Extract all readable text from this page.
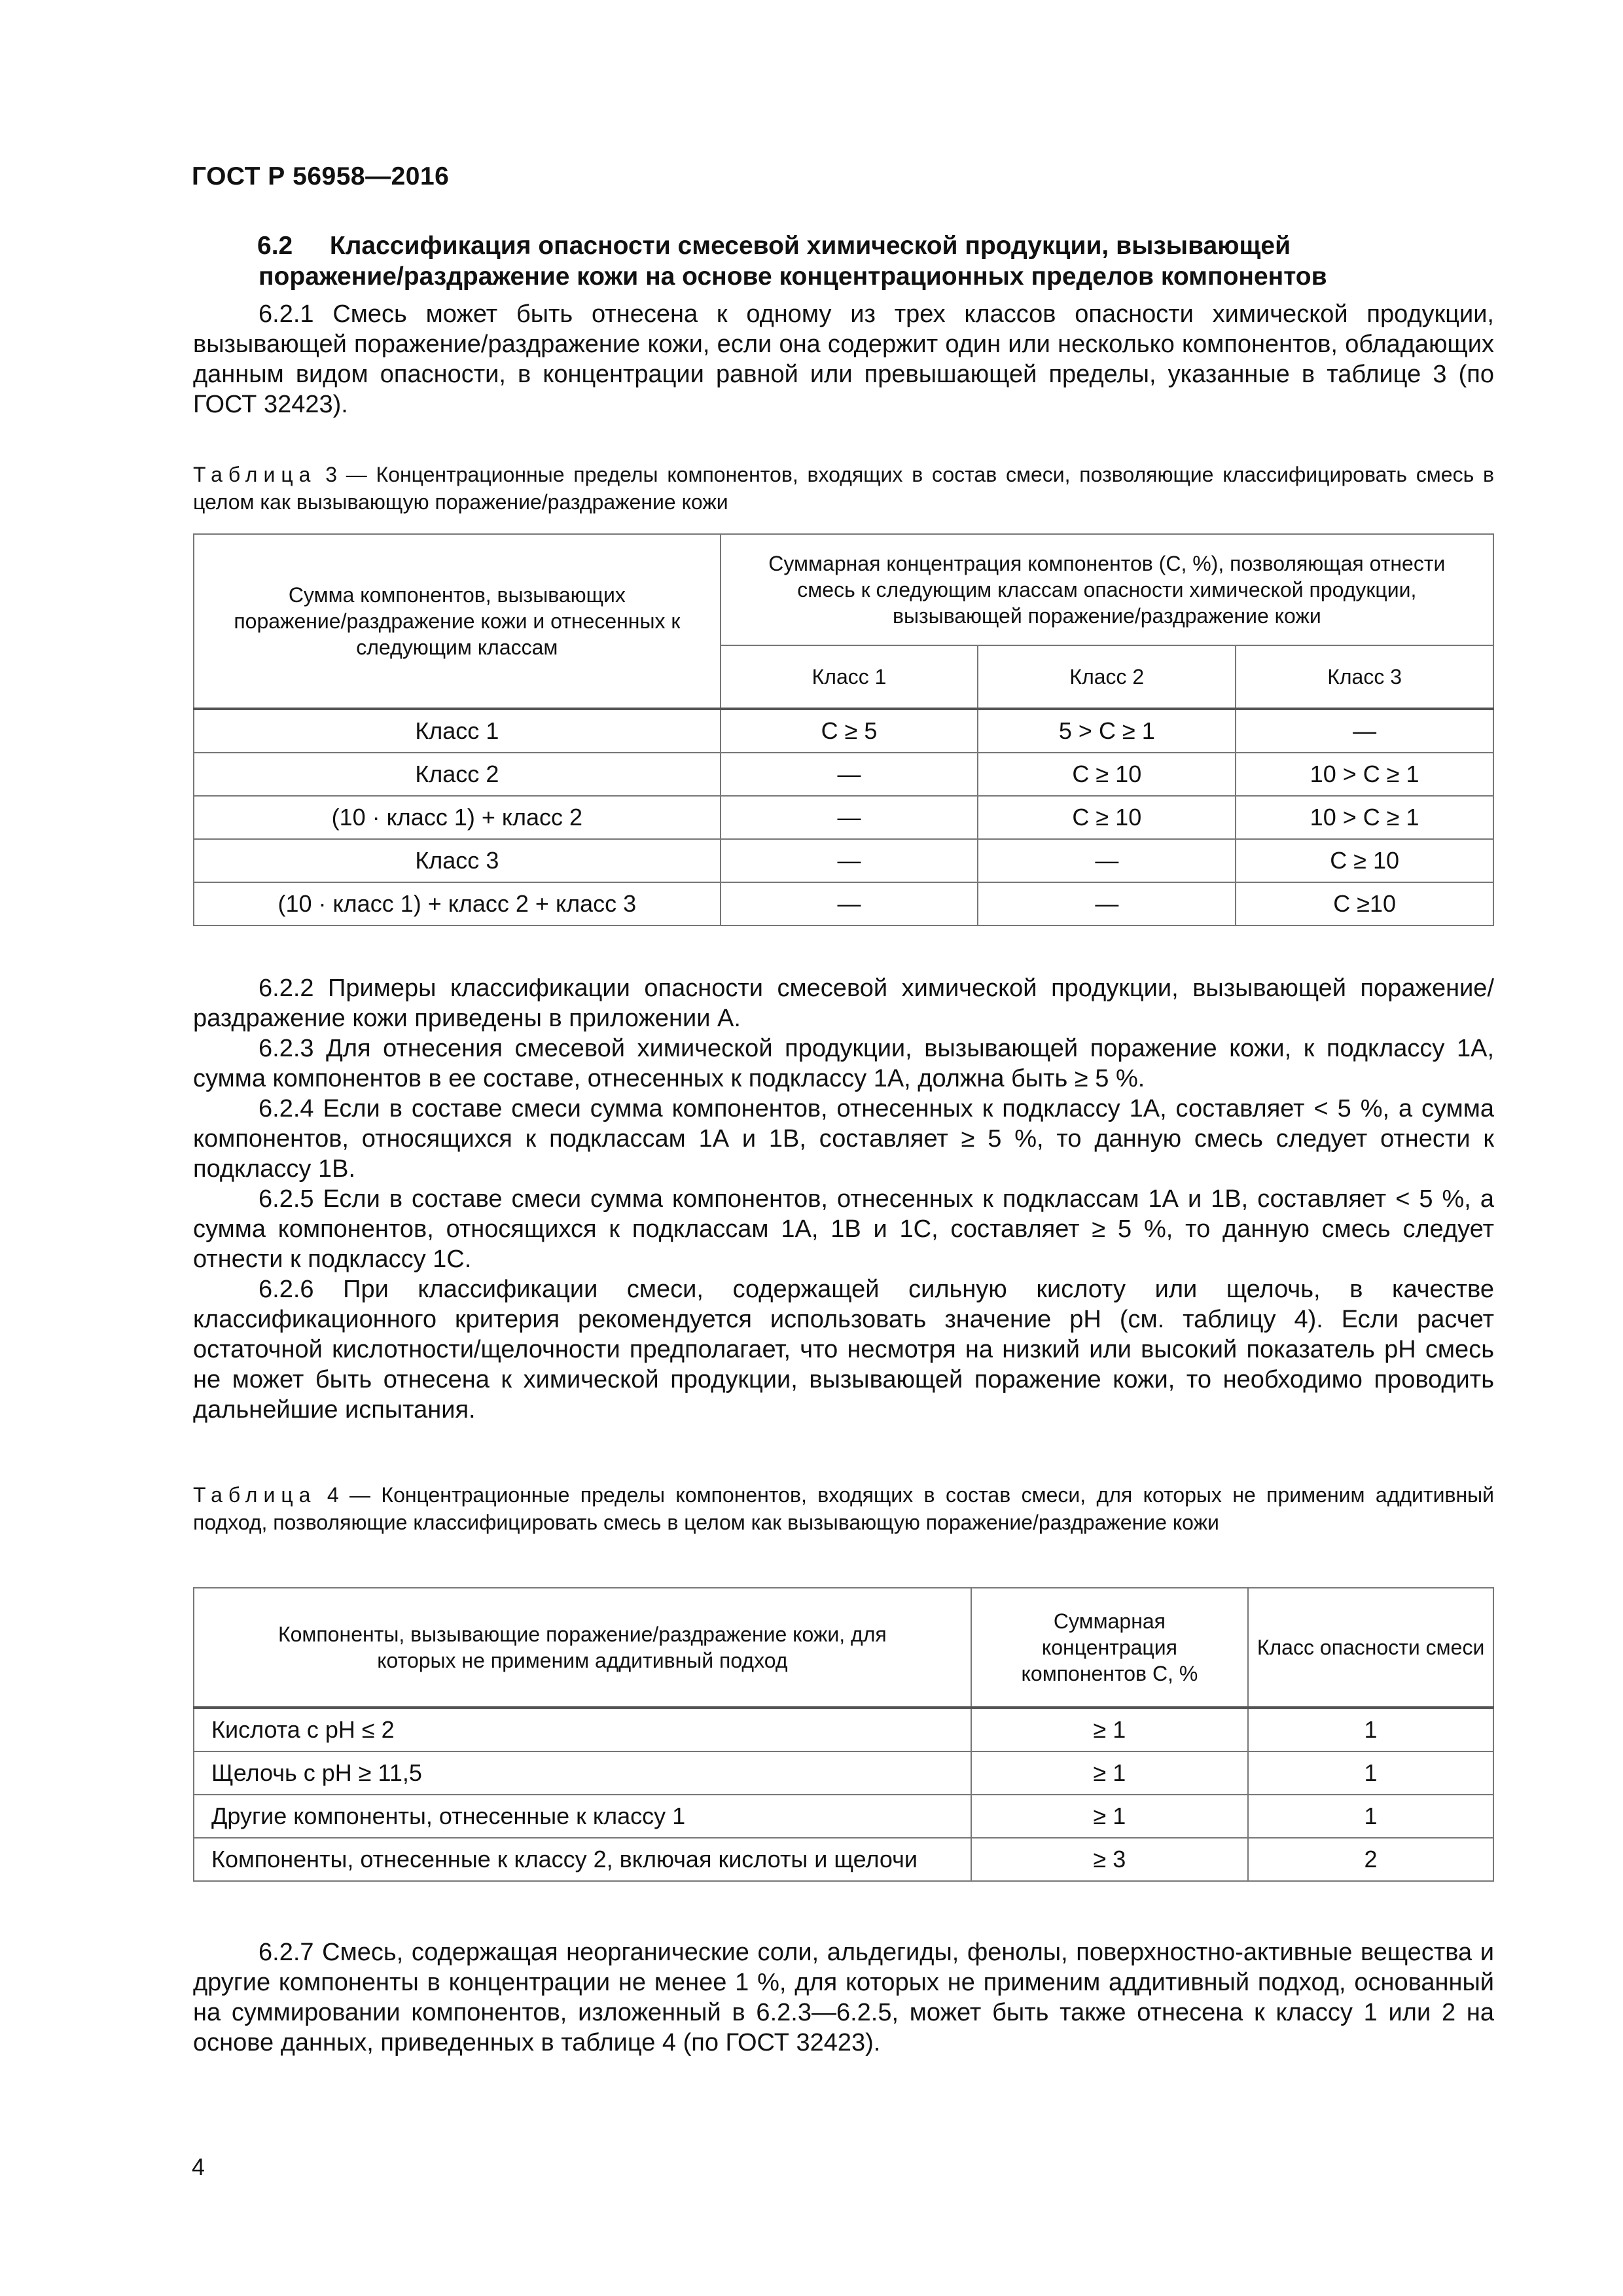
ГОСТ Р 56958—2016
6.2 Классификация опасности смесевой химической продукции, вызывающей
поражение/раздражение кожи на основе концентрационных пределов компонентов

6.2.1 Смесь может быть отнесена к одному из трех классов опасности химической продукции, вызывающей поражение/раздражение кожи, если она содержит один или несколько компонентов, обладающих данным видом опасности, в концентрации равной или превышающей пределы, указанные в таблице 3 (по ГОСТ 32423).

Таблица 3 — Концентрационные пределы компонентов, входящих в состав смеси, позволяющие классифицировать смесь в целом как вызывающую поражение/раздражение кожи
Сумма компонентов, вызывающих поражение/раздражение кожи и отнесенных к следующим классам	Суммарная концентрация компонентов (С, %), позволяющая отнести смесь к следующим классам опасности химической продукции, вызывающей поражение/раздражение кожи		
	Класс 1	Класс 2	Класс 3
Класс 1	C ≥ 5	5 > C ≥ 1	—
Класс 2	—	C ≥ 10	10 > C ≥ 1
(10 · класс 1) + класс 2	—	C ≥ 10	10 > C ≥ 1
Класс 3	—	—	C ≥ 10
(10 · класс 1) + класс 2 + класс 3	—	—	C ≥10

6.2.2 Примеры классификации опасности смесевой химической продукции, вызывающей поражение/раздражение кожи приведены в приложении А.

6.2.3 Для отнесения смесевой химической продукции, вызывающей поражение кожи, к подклассу 1А, сумма компонентов в ее составе, отнесенных к подклассу 1А, должна быть ≥ 5 %.

6.2.4 Если в составе смеси сумма компонентов, отнесенных к подклассу 1А, составляет < 5 %, а сумма компонентов, относящихся к подклассам 1А и 1В, составляет ≥ 5 %, то данную смесь следует отнести к подклассу 1В.

6.2.5 Если в составе смеси сумма компонентов, отнесенных к подклассам 1А и 1В, составляет < 5 %, а сумма компонентов, относящихся к подклассам 1А, 1В и 1С, составляет ≥ 5 %, то данную смесь следует отнести к подклассу 1С.

6.2.6 При классификации смеси, содержащей сильную кислоту или щелочь, в качестве классификационного критерия рекомендуется использовать значение рН (см. таблицу 4). Если расчет остаточной кислотности/щелочности предполагает, что несмотря на низкий или высокий показатель рН смесь не может быть отнесена к химической продукции, вызывающей поражение кожи, то необходимо проводить дальнейшие испытания.

Таблица 4 — Концентрационные пределы компонентов, входящих в состав смеси, для которых не применим аддитивный подход, позволяющие классифицировать смесь в целом как вызывающую поражение/раздражение кожи
Компоненты, вызывающие поражение/раздражение кожи, для которых не применим аддитивный подход	Суммарная концентрация компонентов C, %	Класс опасности смеси
Кислота с рН ≤ 2	≥ 1	1
Щелочь с рН ≥ 11,5	≥ 1	1
Другие компоненты, отнесенные к классу 1	≥ 1	1
Компоненты, отнесенные к классу 2, включая кислоты и щелочи	≥ 3	2

6.2.7 Смесь, содержащая неорганические соли, альдегиды, фенолы, поверхностно-активные вещества и другие компоненты в концентрации не менее 1 %, для которых не применим аддитивный подход, основанный на суммировании компонентов, изложенный в 6.2.3—6.2.5, может быть также отнесена к классу 1 или 2 на основе данных, приведенных в таблице 4 (по ГОСТ 32423).

4
